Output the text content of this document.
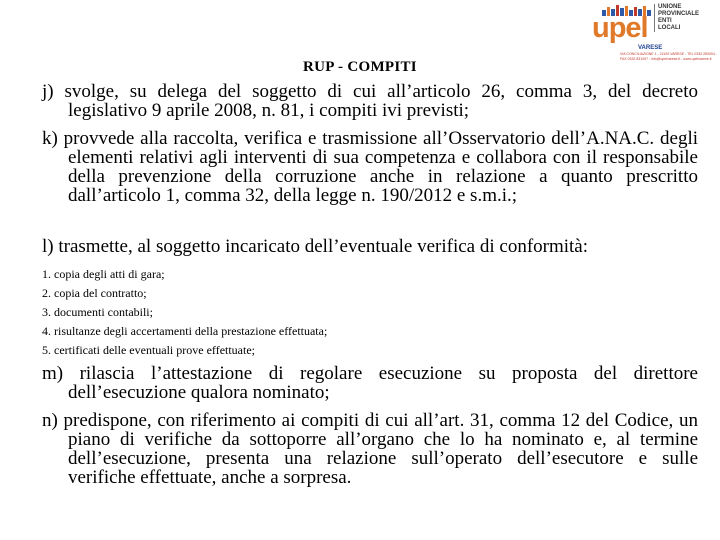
upel
UNIONE
PROVINCIALE
ENTI
LOCALI
VARESE
VIA CONCILIAZIONE 1 - 21100 VARESE - TEL 0332 283004 - FAX 0332 831097 - info@upelvarese.it - www.upelvarese.it
RUP - COMPITI
j) svolge, su delega del soggetto di cui all’articolo 26, comma 3, del decreto legislativo 9 aprile 2008, n. 81, i compiti ivi previsti;
k) provvede alla raccolta, verifica e trasmissione all’Osservatorio dell’A.NA.C. degli elementi relativi agli interventi di sua competenza e collabora con il responsabile della prevenzione della corruzione anche in relazione a quanto prescritto dall’articolo 1, comma 32, della legge n. 190/2012 e s.m.i.;
l) trasmette, al soggetto incaricato dell’eventuale verifica di conformità:
1. copia degli atti di gara;
2. copia del contratto;
3. documenti contabili;
4. risultanze degli accertamenti della prestazione effettuata;
5. certificati delle eventuali prove effettuate;
m) rilascia l’attestazione di regolare esecuzione su proposta del direttore dell’esecuzione qualora nominato;
n) predispone, con riferimento ai compiti di cui all’art. 31, comma 12 del Codice, un piano di verifiche da sottoporre all’organo che lo ha nominato e, al termine dell’esecuzione, presenta una relazione sull’operato dell’esecutore e sulle verifiche effettuate, anche a sorpresa.
